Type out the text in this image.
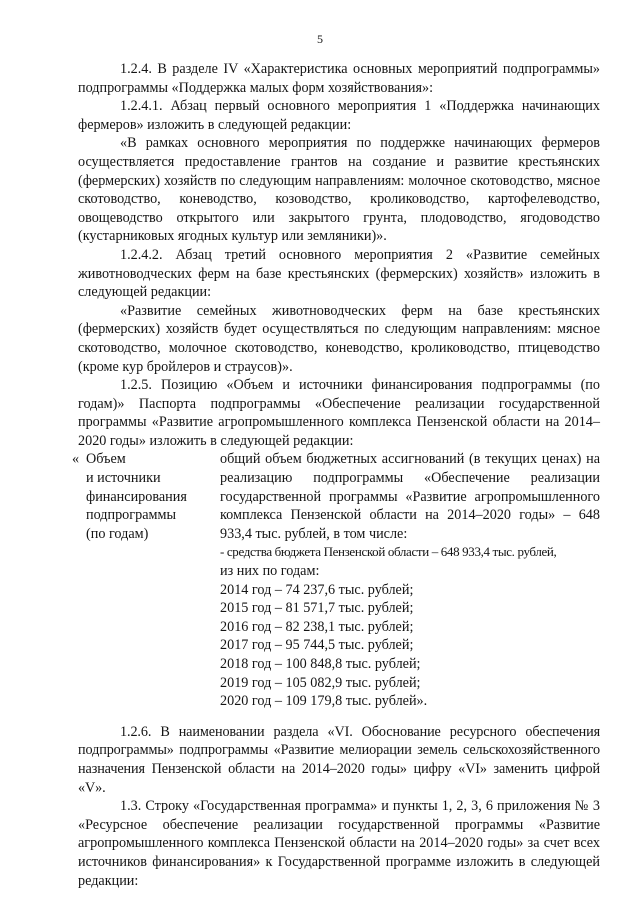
5

1.2.4. В разделе IV «Характеристика основных мероприятий подпрограммы» подпрограммы «Поддержка малых форм хозяйствования»:

1.2.4.1. Абзац первый основного мероприятия 1 «Поддержка начинающих фермеров» изложить в следующей редакции:

«В рамках основного мероприятия по поддержке начинающих фермеров осуществляется предоставление грантов на создание и развитие крестьянских (фермерских) хозяйств по следующим направлениям: молочное скотоводство, мясное скотоводство, коневодство, козоводство, кролиководство, картофелеводство, овощеводство открытого или закрытого грунта, плодоводство, ягодоводство (кустарниковых ягодных культур или земляники)».

1.2.4.2. Абзац третий основного мероприятия 2 «Развитие семейных животноводческих ферм на базе крестьянских (фермерских) хозяйств» изложить в следующей редакции:

«Развитие семейных животноводческих ферм на базе крестьянских (фермерских) хозяйств будет осуществляться по следующим направлениям: мясное скотоводство, молочное скотоводство, коневодство, кролиководство, птицеводство (кроме кур бройлеров и страусов)».

1.2.5. Позицию «Объем и источники финансирования подпрограммы (по годам)» Паспорта подпрограммы «Обеспечение реализации государственной программы «Развитие агропромышленного комплекса Пензенской области на 2014–2020 годы» изложить в следующей редакции:

« Объем
и источники
финансирования
подпрограммы
(по годам)

общий объем бюджетных ассигнований (в текущих ценах) на реализацию подпрограммы «Обеспечение реализации государственной программы «Развитие агропромышленного комплекса Пензенской области на 2014–2020 годы» – 648 933,4 тыс. рублей, в том числе:

- средства бюджета Пензенской области – 648 933,4 тыс. рублей,

из них по годам:

2014 год – 74 237,6 тыс. рублей;

2015 год – 81 571,7 тыс. рублей;

2016 год – 82 238,1 тыс. рублей;

2017 год – 95 744,5 тыс. рублей;

2018 год – 100 848,8 тыс. рублей;

2019 год – 105 082,9 тыс. рублей;

2020 год – 109 179,8 тыс. рублей».

1.2.6. В наименовании раздела «VI. Обоснование ресурсного обеспечения подпрограммы» подпрограммы «Развитие мелиорации земель сельскохозяйственного назначения Пензенской области на 2014–2020 годы» цифру «VI» заменить цифрой «V».

1.3. Строку «Государственная программа» и пункты 1, 2, 3, 6 приложения № 3 «Ресурсное обеспечение реализации государственной программы «Развитие агропромышленного комплекса Пензенской области на 2014–2020 годы» за счет всех источников финансирования» к Государственной программе изложить в следующей редакции:
